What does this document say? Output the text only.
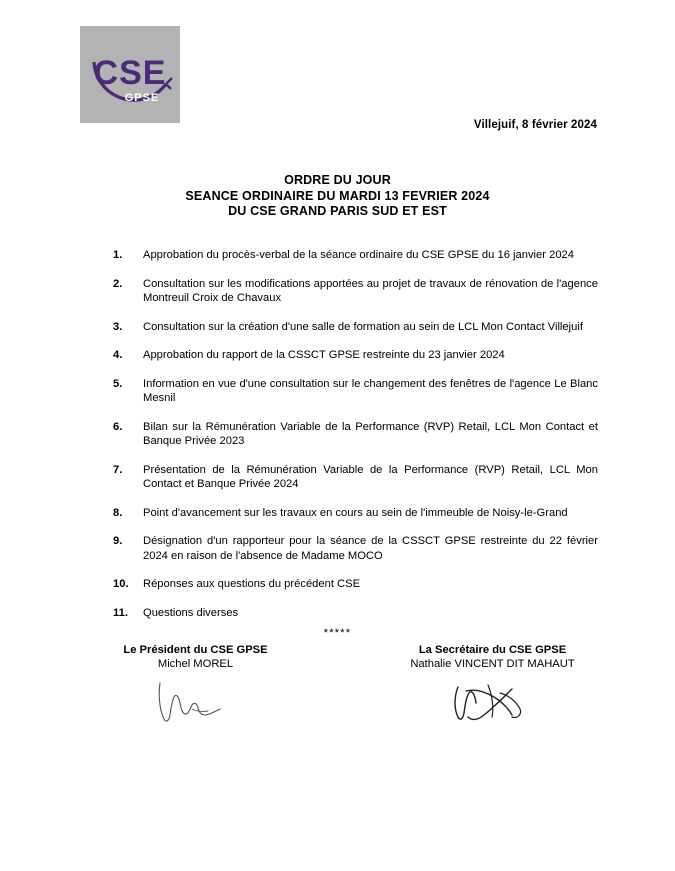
CSE
GPSE
Villejuif, 8 février 2024
ORDRE DU JOUR
SEANCE ORDINAIRE DU MARDI 13 FEVRIER 2024
DU CSE GRAND PARIS SUD ET EST
1.	Approbation du procès-verbal de la séance ordinaire du CSE GPSE du 16 janvier 2024
2.	Consultation sur les modifications apportées au projet de travaux de rénovation de l'agence Montreuil Croix de Chavaux
3.	Consultation sur la création d'une salle de formation au sein de LCL Mon Contact Villejuif
4.	Approbation du rapport de la CSSCT GPSE restreinte du 23 janvier 2024
5.	Information en vue d'une consultation sur le changement des fenêtres de l'agence Le Blanc Mesnil
6.	Bilan sur la Rémunération Variable de la Performance (RVP) Retail, LCL Mon Contact et Banque Privée 2023
7.	Présentation de la Rémunération Variable de la Performance (RVP) Retail, LCL Mon Contact et Banque Privée 2024
8.	Point d'avancement sur les travaux en cours au sein de l'immeuble de Noisy-le-Grand
9.	Désignation d'un rapporteur pour la séance de la CSSCT GPSE restreinte du 22 février 2024 en raison de l'absence de Madame MOCO
10.	Réponses aux questions du précédent CSE
11.	Questions diverses
*****
Le Président du CSE GPSE
Michel MOREL
La Secrétaire du CSE GPSE
Nathalie VINCENT DIT MAHAUT
